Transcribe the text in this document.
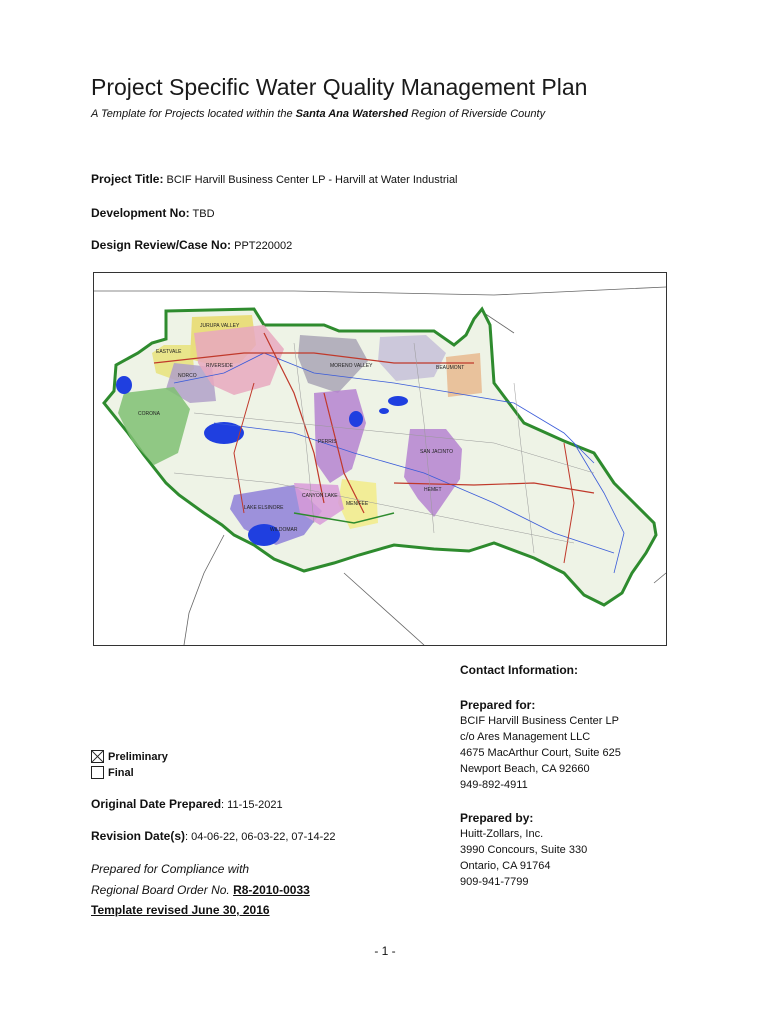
Project Specific Water Quality Management Plan
A Template for Projects located within the Santa Ana Watershed Region of Riverside County
Project Title: BCIF Harvill Business Center LP - Harvill at Water Industrial
Development No: TBD
Design Review/Case No: PPT220002
JURUPA VALLEY
EASTVALE
NORCO
CORONA
RIVERSIDE	MORENO VALLEY	BEAUMONT
SAN JACINTO
HEMET
PERRIS
MENIFEE
CANYON LAKE
LAKE ELSINORE
WILDOMAR
Contact Information:
Prepared for:
BCIF Harvill Business Center LP
c/o Ares Management LLC
4675 MacArthur Court, Suite 625
Newport Beach, CA 92660
949-892-4911
Prepared by:
Huitt-Zollars, Inc.
3990 Concours, Suite 330
Ontario, CA 91764
909-941-7799
Preliminary
Final
Original Date Prepared: 11-15-2021
Revision Date(s): 04-06-22, 06-03-22, 07-14-22
Prepared for Compliance with
Regional Board Order No. R8-2010-0033
Template revised June 30, 2016
- 1 -
